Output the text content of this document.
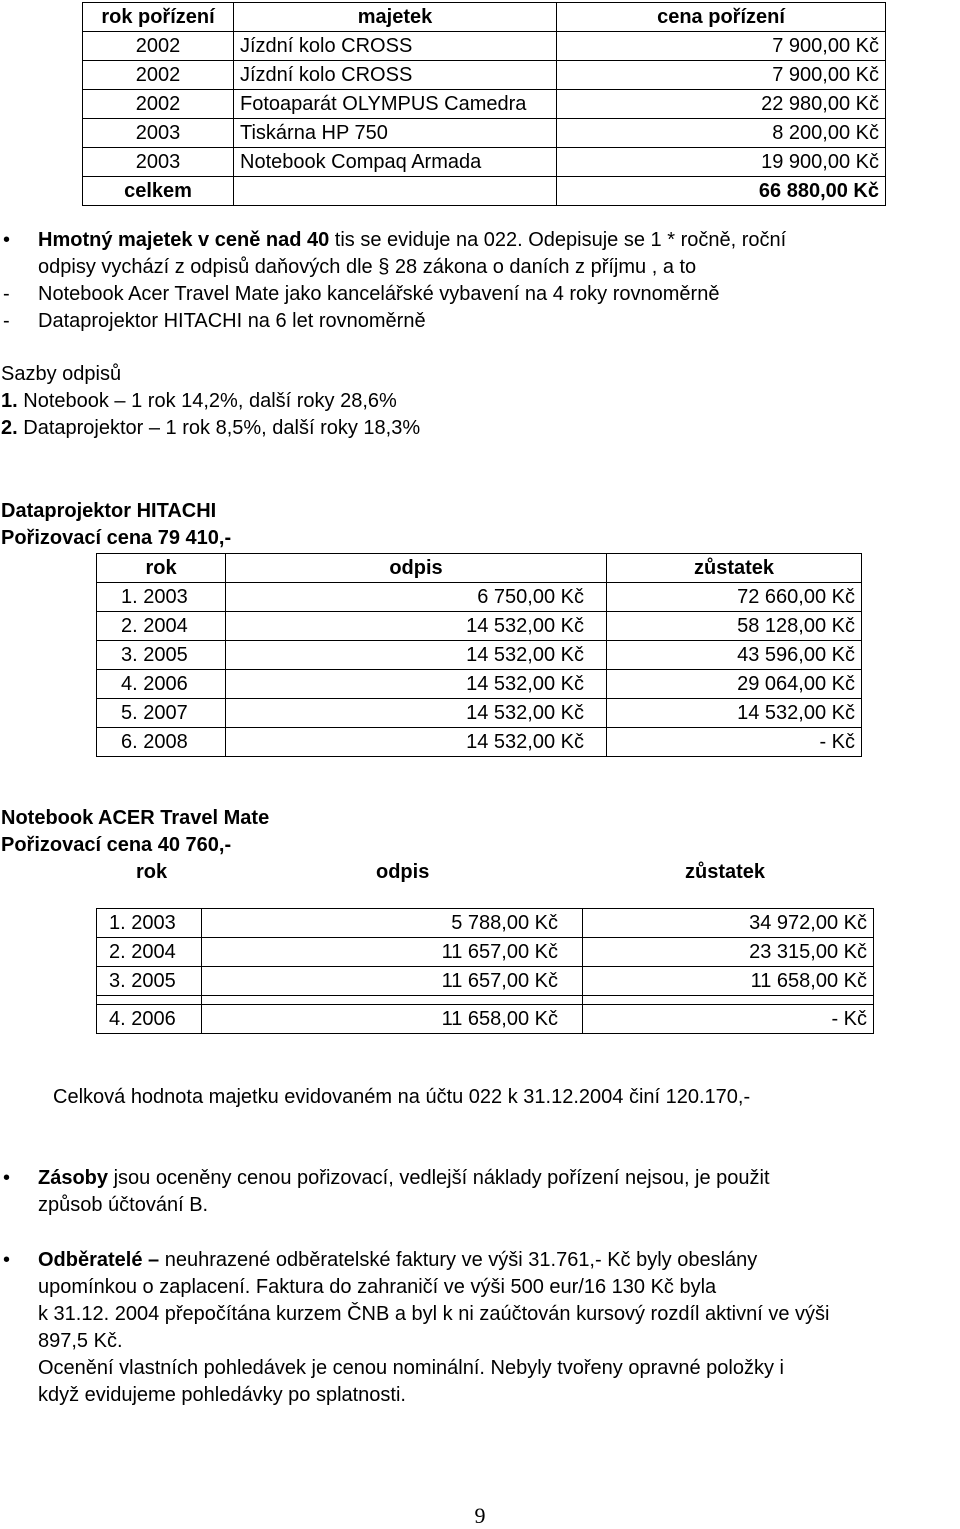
rok pořízení	majetek	cena pořízení
2002	Jízdní kolo CROSS	7 900,00 Kč
2002	Jízdní kolo CROSS	7 900,00 Kč
2002	Fotoaparát OLYMPUS Camedra	22 980,00 Kč
2003	Tiskárna HP 750	8 200,00 Kč
2003	Notebook Compaq Armada	19 900,00 Kč
celkem		66 880,00 Kč
• Hmotný majetek v ceně nad 40 tis se eviduje na 022. Odepisuje se 1 * ročně, roční
odpisy vychází z odpisů daňových dle § 28 zákona o daních z příjmu , a to
- Notebook Acer Travel Mate jako kancelářské vybavení na 4 roky rovnoměrně
- Dataprojektor HITACHI na 6 let rovnoměrně
Sazby odpisů
1. Notebook – 1 rok 14,2%, další roky 28,6%
2. Dataprojektor – 1 rok 8,5%, další roky 18,3%
Dataprojektor HITACHI
Pořizovací cena 79 410,-
rok	odpis	zůstatek
1. 2003	6 750,00 Kč	72 660,00 Kč
2. 2004	14 532,00 Kč	58 128,00 Kč
3. 2005	14 532,00 Kč	43 596,00 Kč
4. 2006	14 532,00 Kč	29 064,00 Kč
5. 2007	14 532,00 Kč	14 532,00 Kč
6. 2008	14 532,00 Kč	- Kč
Notebook ACER Travel Mate
Pořizovací cena 40 760,-
rok	odpis	zůstatek
1. 2003	5 788,00 Kč	34 972,00 Kč
2. 2004	11 657,00 Kč	23 315,00 Kč
3. 2005	11 657,00 Kč	11 658,00 Kč

4. 2006	11 658,00 Kč	- Kč
Celková hodnota majetku evidovaném na účtu 022 k 31.12.2004 činí 120.170,-
• Zásoby jsou oceněny cenou pořizovací, vedlejší náklady pořízení nejsou, je použit
způsob účtování B.
• Odběratelé – neuhrazené odběratelské faktury ve výši 31.761,- Kč byly obeslány
upomínkou o zaplacení. Faktura do zahraničí ve výši 500 eur/16 130 Kč byla
k 31.12. 2004 přepočítána kurzem ČNB a byl k ni zaúčtován kursový rozdíl aktivní ve výši
897,5 Kč.
Ocenění vlastních pohledávek je cenou nominální. Nebyly tvořeny opravné položky i
když evidujeme pohledávky po splatnosti.
9
